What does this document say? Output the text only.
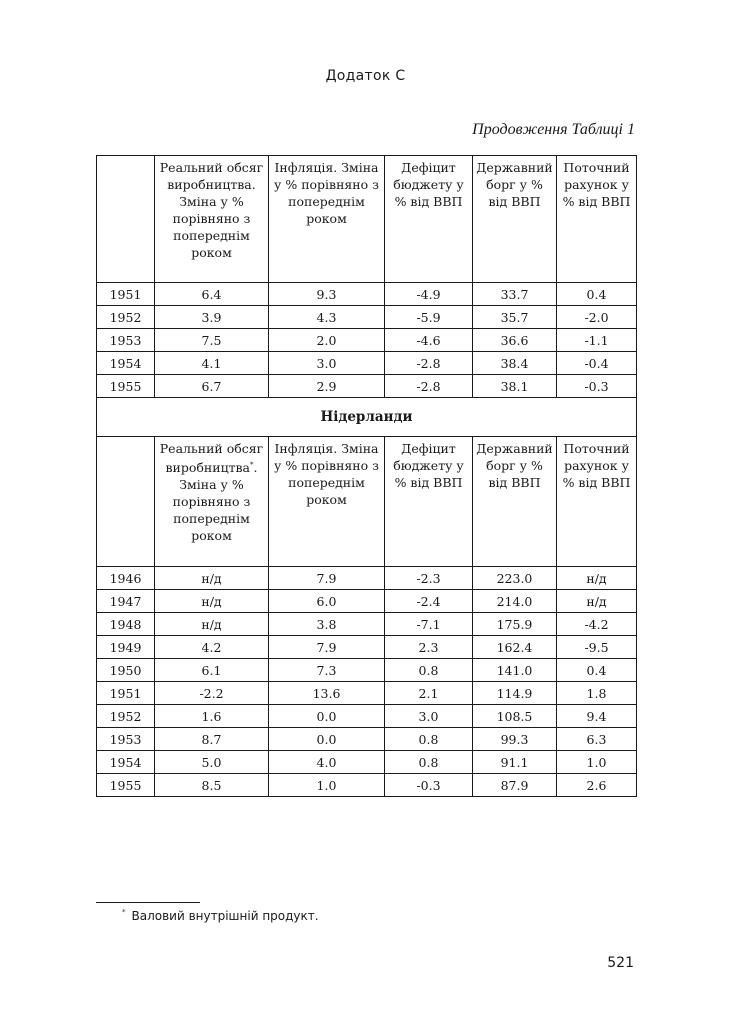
Додаток С
Продовження Таблиці 1
	Реальний обсяг виробництва. Зміна у % порівняно з попереднім роком	Інфляція. Зміна у % порівняно з попереднім роком	Дефіцит бюджету у % від ВВП	Державний борг у % від ВВП	Поточний рахунок у % від ВВП
1951	6.4	9.3	-4.9	33.7	0.4
1952	3.9	4.3	-5.9	35.7	-2.0
1953	7.5	2.0	-4.6	36.6	-1.1
1954	4.1	3.0	-2.8	38.4	-0.4
1955	6.7	2.9	-2.8	38.1	-0.3
Нідерланди					
	Реальний обсяг виробництва*. Зміна у % порівняно з попереднім роком	Інфляція. Зміна у % порівняно з попереднім роком	Дефіцит бюджету у % від ВВП	Державний борг у % від ВВП	Поточний рахунок у % від ВВП
1946	н/д	7.9	-2.3	223.0	н/д
1947	н/д	6.0	-2.4	214.0	н/д
1948	н/д	3.8	-7.1	175.9	-4.2
1949	4.2	7.9	2.3	162.4	-9.5
1950	6.1	7.3	0.8	141.0	0.4
1951	-2.2	13.6	2.1	114.9	1.8
1952	1.6	0.0	3.0	108.5	9.4
1953	8.7	0.0	0.8	99.3	6.3
1954	5.0	4.0	0.8	91.1	1.0
1955	8.5	1.0	-0.3	87.9	2.6
* Валовий внутрішній продукт.
521
